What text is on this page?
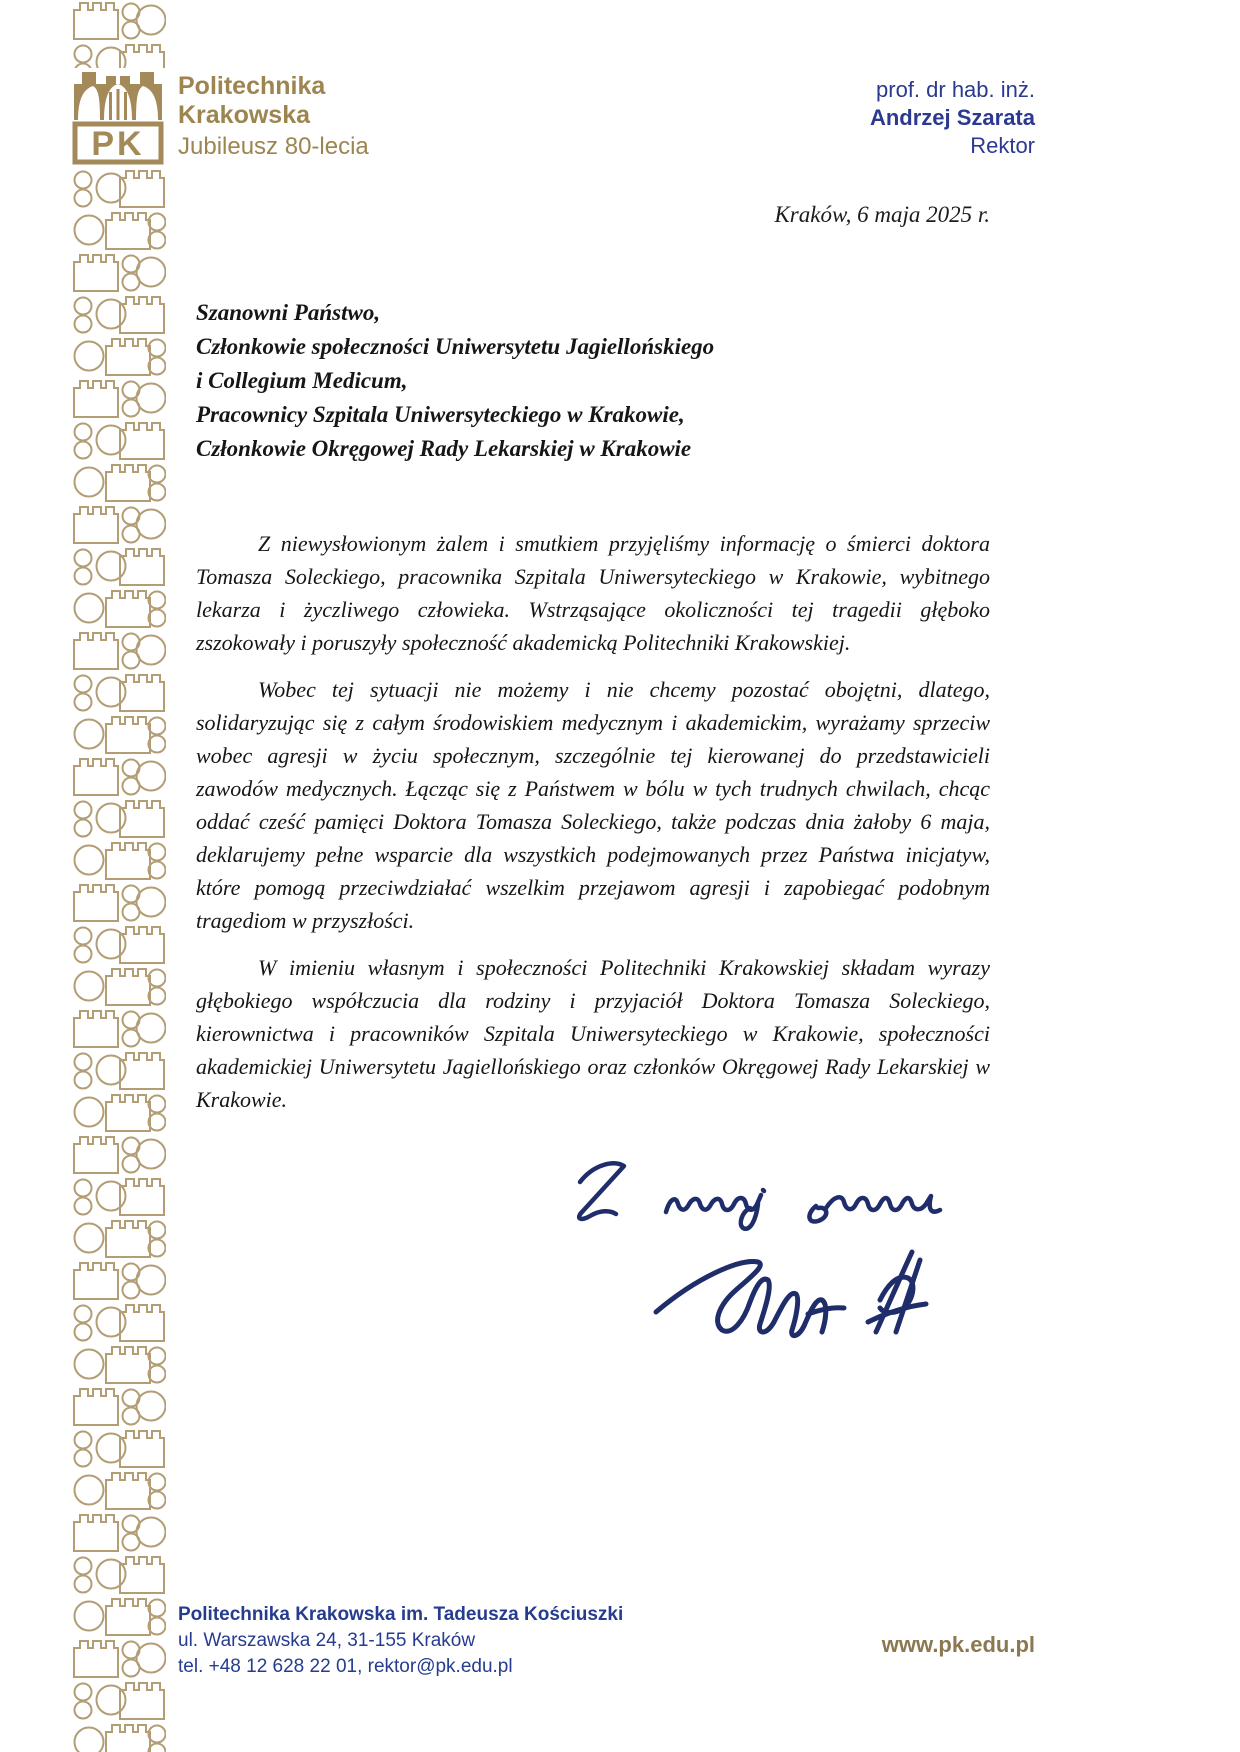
PK
Politechnika
Krakowska
Jubileusz 80-lecia
prof. dr hab. inż.
Andrzej Szarata
Rektor
Kraków, 6 maja 2025 r.
Szanowni Państwo,
Członkowie społeczności Uniwersytetu Jagiellońskiego
i Collegium Medicum,
Pracownicy Szpitala Uniwersyteckiego w Krakowie,
Członkowie Okręgowej Rady Lekarskiej w Krakowie

Z niewysłowionym żalem i smutkiem przyjęliśmy informację o śmierci doktora Tomasza Soleckiego, pracownika Szpitala Uniwersyteckiego w Krakowie, wybitnego lekarza i życzliwego człowieka. Wstrząsające okoliczności tej tragedii głęboko zszokowały i poruszyły społeczność akademicką Politechniki Krakowskiej.

Wobec tej sytuacji nie możemy i nie chcemy pozostać obojętni, dlatego, solidaryzując się z całym środowiskiem medycznym i akademickim, wyrażamy sprzeciw wobec agresji w życiu społecznym, szczególnie tej kierowanej do przedstawicieli zawodów medycznych. Łącząc się z Państwem w bólu w tych trudnych chwilach, chcąc oddać cześć pamięci Doktora Tomasza Soleckiego, także podczas dnia żałoby 6 maja, deklarujemy pełne wsparcie dla wszystkich podejmowanych przez Państwa inicjatyw, które pomogą przeciwdziałać wszelkim przejawom agresji i zapobiegać podobnym tragediom w przyszłości.

W imieniu własnym i społeczności Politechniki Krakowskiej składam wyrazy głębokiego współczucia dla rodziny i przyjaciół Doktora Tomasza Soleckiego, kierownictwa i pracowników Szpitala Uniwersyteckiego w Krakowie, społeczności akademickiej Uniwersytetu Jagiellońskiego oraz członków Okręgowej Rady Lekarskiej w Krakowie.

Politechnika Krakowska im. Tadeusza Kościuszki
ul. Warszawska 24, 31-155 Kraków
tel. +48 12 628 22 01, rektor@pk.edu.pl
www.pk.edu.pl
